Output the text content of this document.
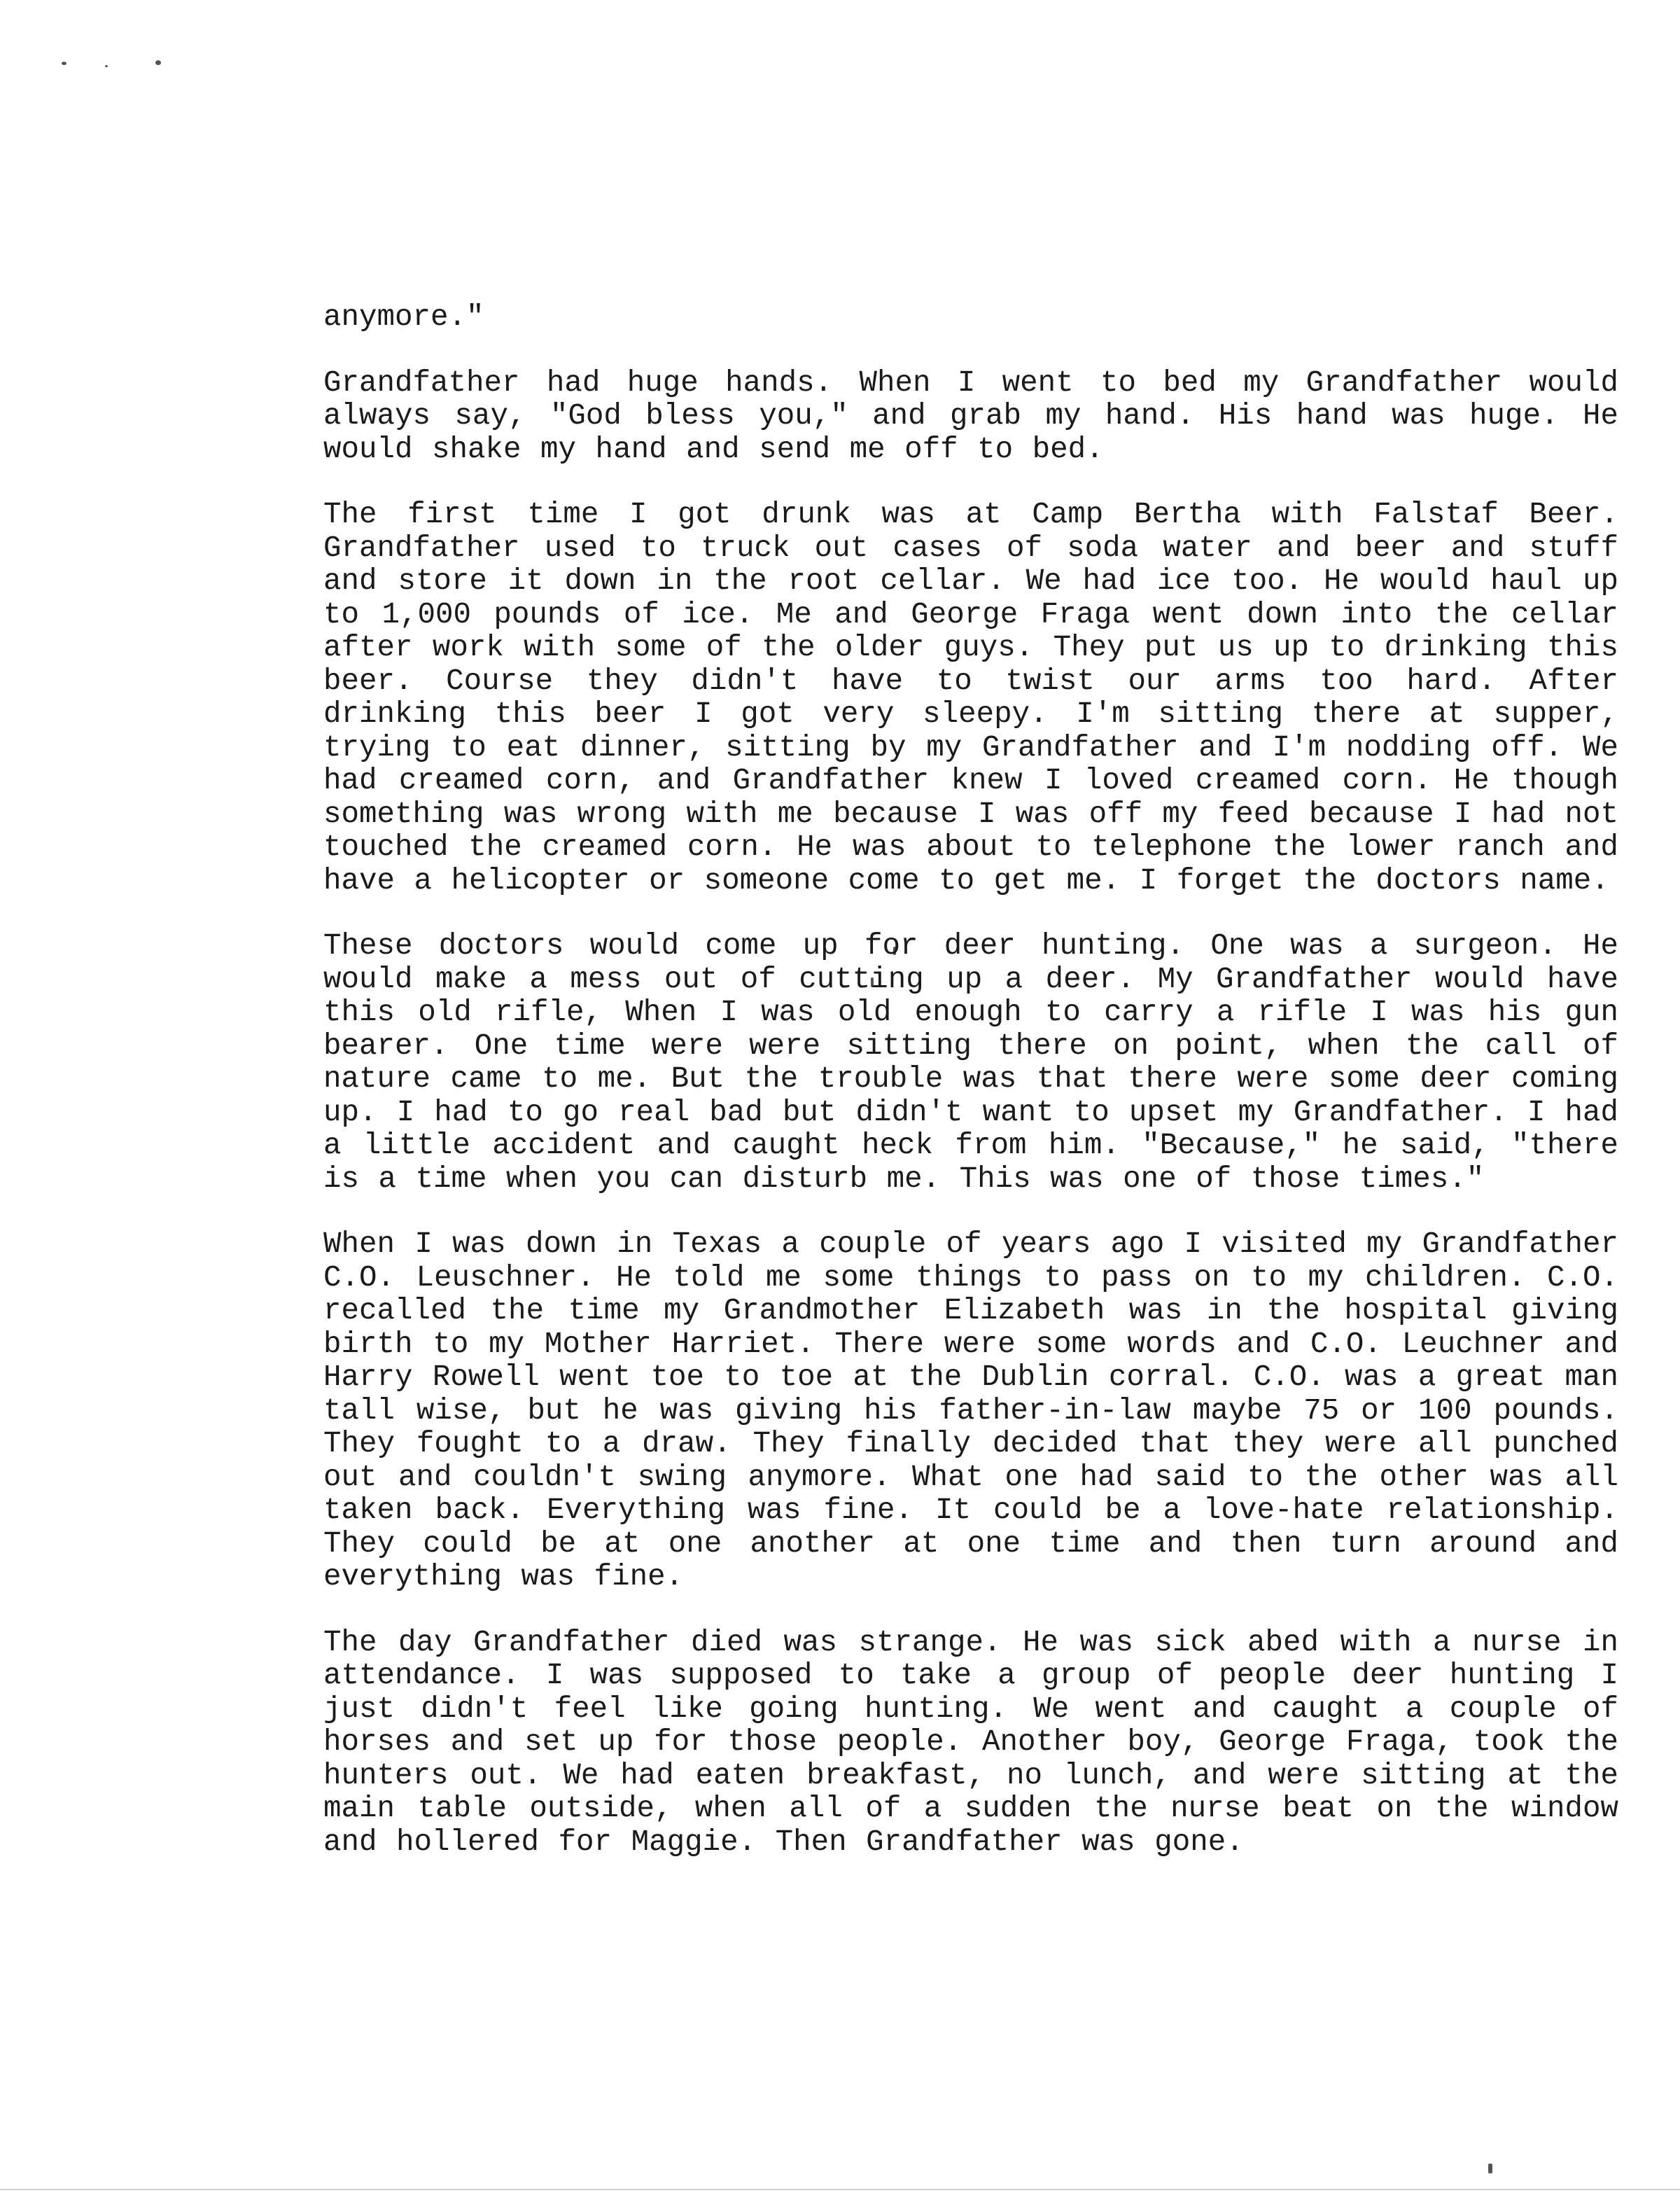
anymore."

Grandfather had huge hands. When I went to bed my Grandfather would always say, "God bless you," and grab my hand. His hand was huge. He would shake my hand and send me off to bed.

The first time I got drunk was at Camp Bertha with Falstaf Beer. Grandfather used to truck out cases of soda water and beer and stuff and store it down in the root cellar. We had ice too. He would haul up to 1,000 pounds of ice. Me and George Fraga went down into the cellar after work with some of the older guys. They put us up to drinking this beer. Course they didn't have to twist our arms too hard. After drinking this beer I got very sleepy. I'm sitting there at supper, trying to eat dinner, sitting by my Grandfather and I'm nodding off. We had creamed corn, and Grandfather knew I loved creamed corn. He though something was wrong with me because I was off my feed because I had not touched the creamed corn. He was about to telephone the lower ranch and have a helicopter or someone come to get me. I forget the doctors name.

These doctors would come up for deer hunting. One was a surgeon. He would make a mess out of cutting up a deer. My Grandfather would have this old rifle, When I was old enough to carry a rifle I was his gun bearer. One time were were sitting there on point, when the call of nature came to me. But the trouble was that there were some deer coming up. I had to go real bad but didn't want to upset my Grandfather. I had a little accident and caught heck from him. "Because," he said, "there is a time when you can disturb me. This was one of those times."

When I was down in Texas a couple of years ago I visited my Grandfather C.O. Leuschner. He told me some things to pass on to my children. C.O. recalled the time my Grandmother Elizabeth was in the hospital giving birth to my Mother Harriet. There were some words and C.O. Leuchner and Harry Rowell went toe to toe at the Dublin corral. C.O. was a great man tall wise, but he was giving his father-in-law maybe 75 or 100 pounds. They fought to a draw. They finally decided that they were all punched out and couldn't swing anymore. What one had said to the other was all taken back. Everything was fine. It could be a love-hate relationship. They could be at one another at one time and then turn around and everything was fine.

The day Grandfather died was strange. He was sick abed with a nurse in attendance. I was supposed to take a group of people deer hunting I just didn't feel like going hunting. We went and caught a couple of horses and set up for those people. Another boy, George Fraga, took the hunters out. We had eaten breakfast, no lunch, and were sitting at the main table outside, when all of a sudden the nurse beat on the window and hollered for Maggie. Then Grandfather was gone.
